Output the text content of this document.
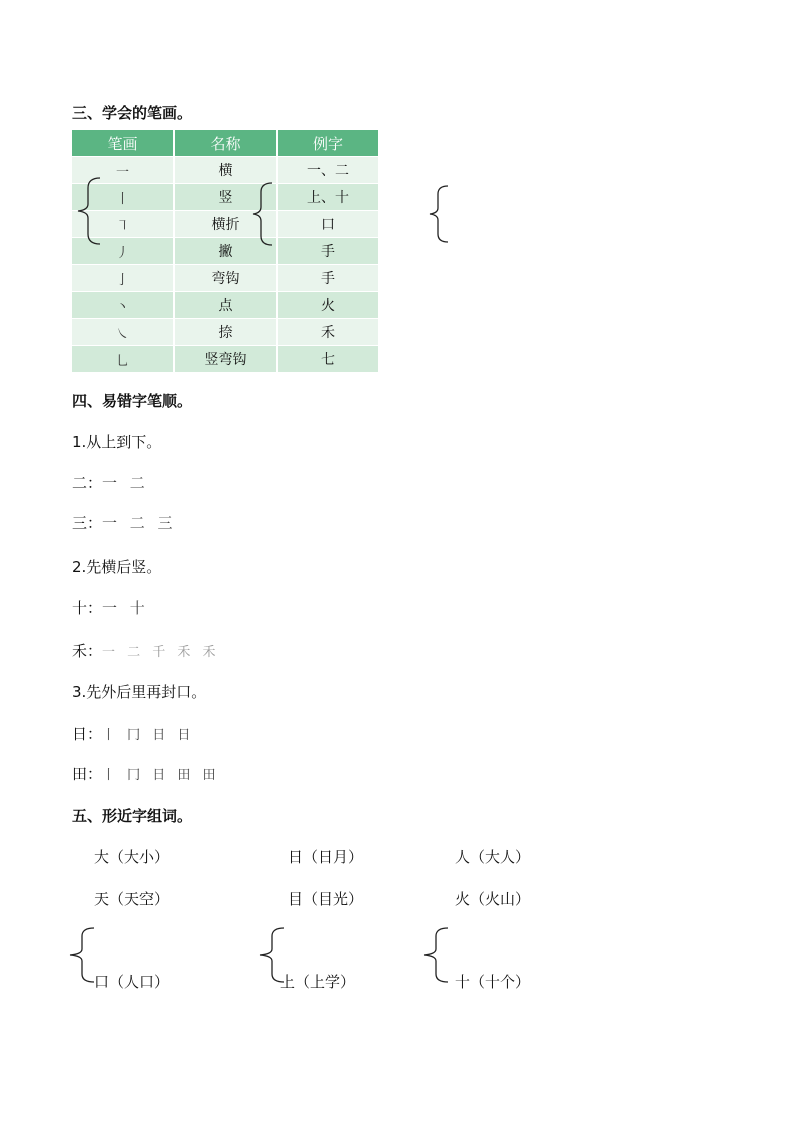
三、学会的笔画。
笔画	名称	例字
一	横	一、二
丨	竖	上、十
㇕	横折	口
丿	撇	手
亅	弯钩	手
丶	点	火
㇏	捺	禾
乚	竖弯钩	七
四、易错字笔顺。
1.从上到下。
二：一 二
三：一 二 三
2.先横后竖。
十：一 十
禾：一 二 千 禾 禾
3.先外后里再封口。
日：丨 冂 日 日
田：丨 冂 日 田 田
五、形近字组词。
大（大小）
天（天空）
日（日月）
目（目光）
人（大人）
火（火山）
口（人口）	上（上学）	十（十个）
